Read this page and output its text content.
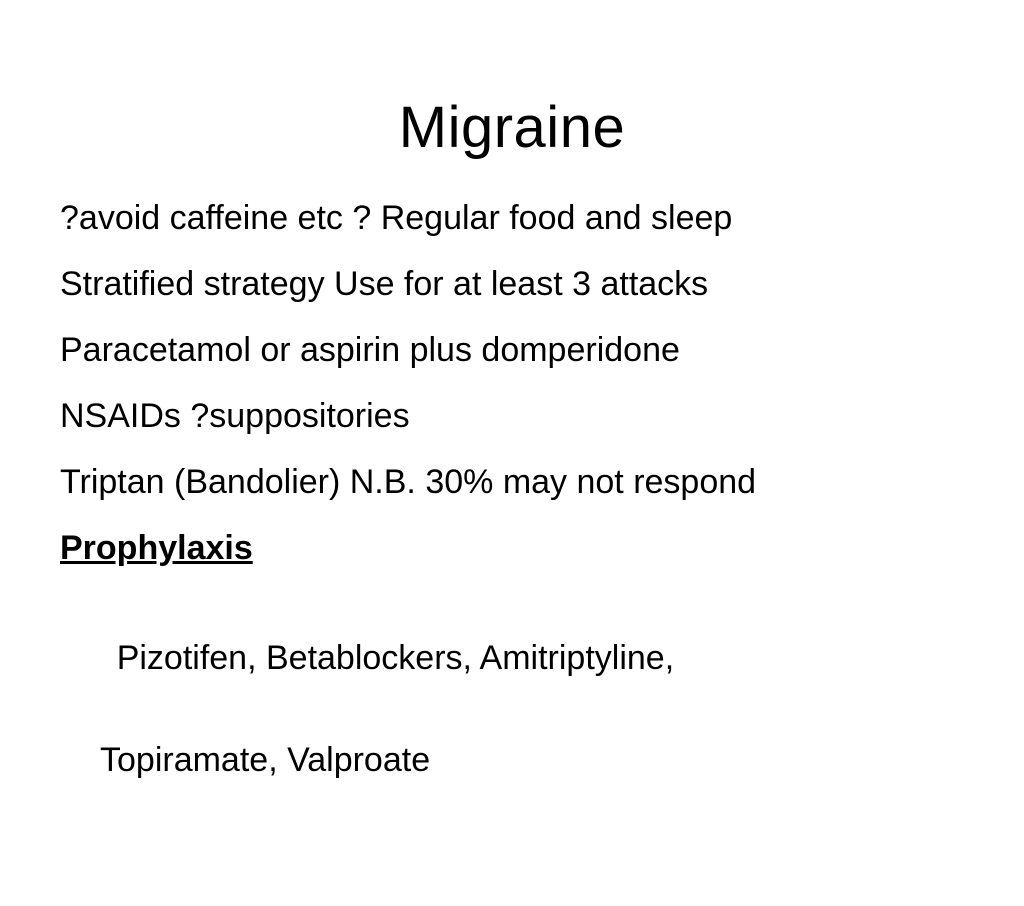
Migraine
?avoid caffeine etc ? Regular food and sleep
Stratified strategy Use for at least 3 attacks
Paracetamol or aspirin plus domperidone
NSAIDs ?suppositories
Triptan (Bandolier) N.B. 30% may not respond
Prophylaxis

Pizotifen, Betablockers, Amitriptyline,

Topiramate, Valproate
